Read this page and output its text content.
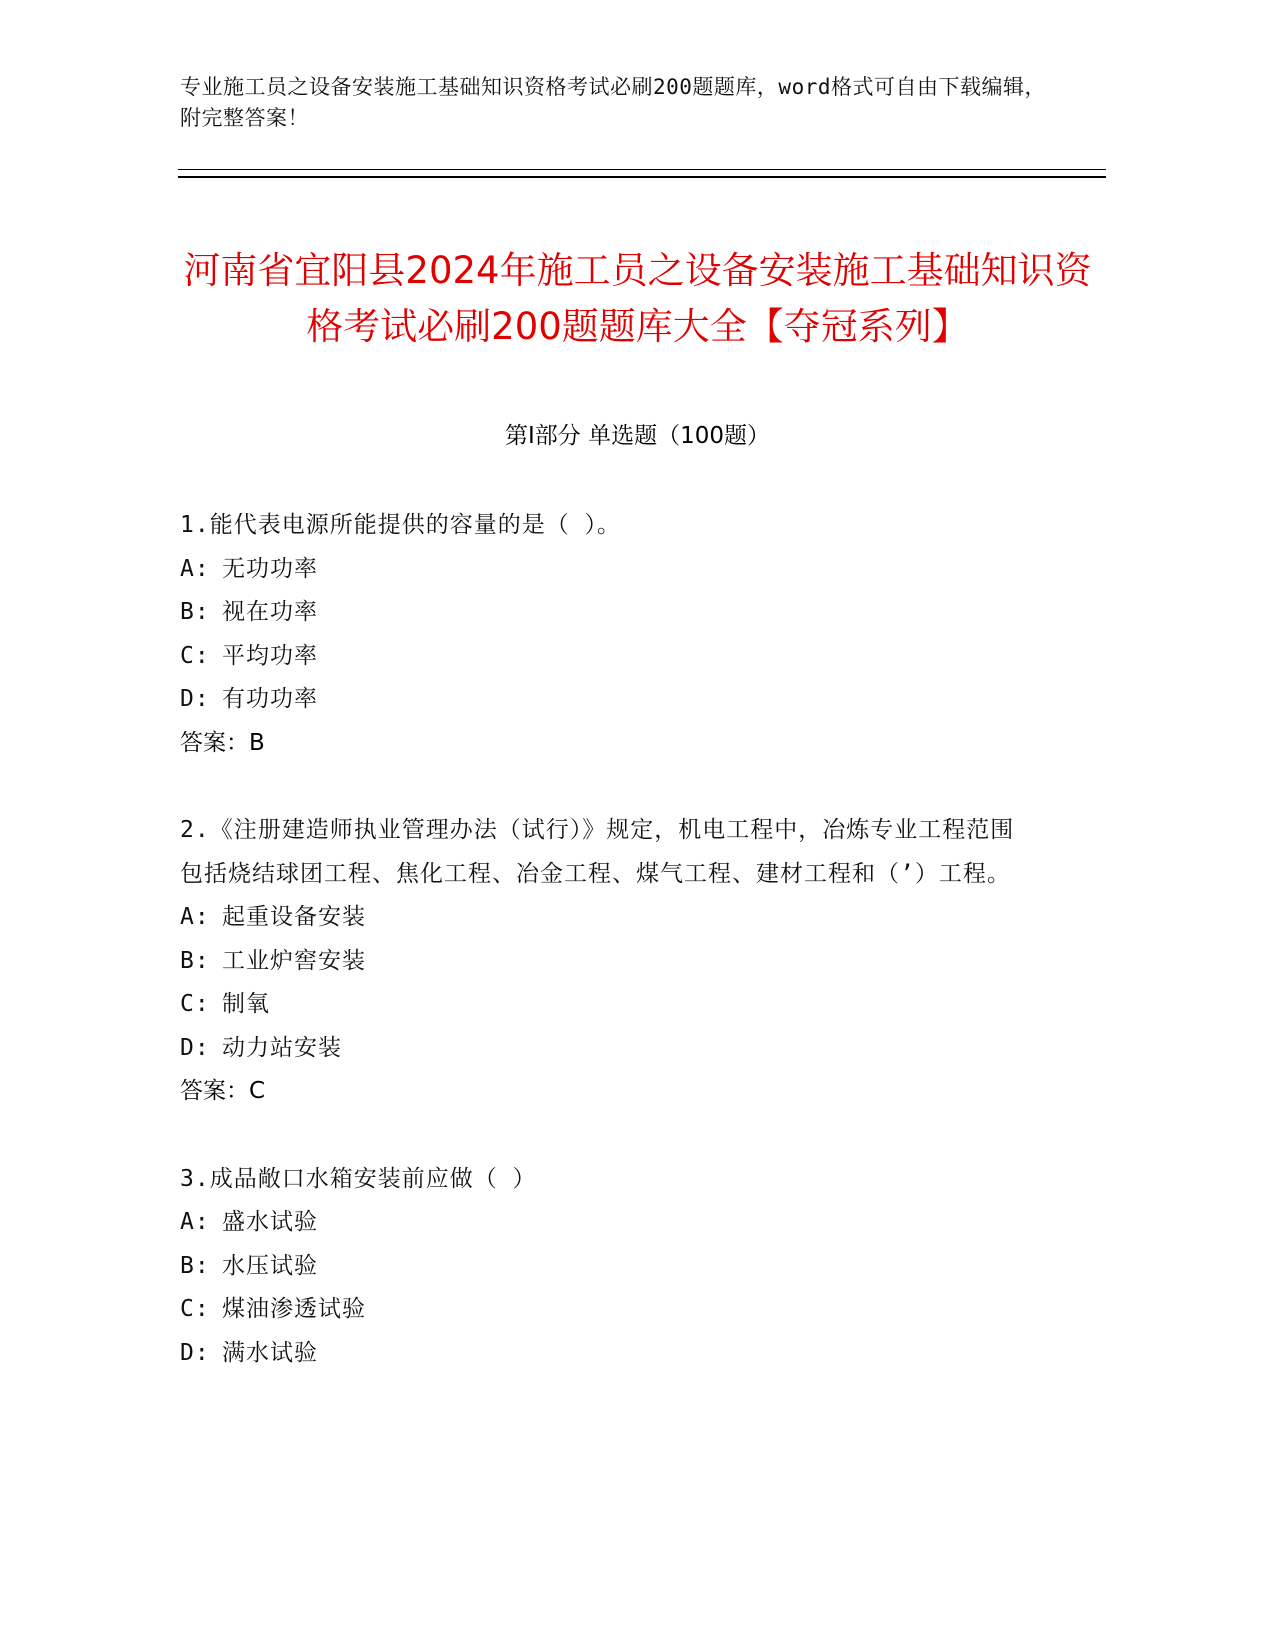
专业施工员之设备安装施工基础知识资格考试必刷200题题库，word格式可自由下载编辑，附完整答案！
河南省宜阳县2024年施工员之设备安装施工基础知识资格考试必刷200题题库大全【夺冠系列】
第Ⅰ部分 单选题（100题）

1.能代表电源所能提供的容量的是（ ）。

A: 无功功率
B: 视在功率
C: 平均功率
D: 有功功率
答案：B

2.《注册建造师执业管理办法（试行）》规定，机电工程中，冶炼专业工程范围包括烧结球团工程、焦化工程、冶金工程、煤气工程、建材工程和（’）工程。

A: 起重设备安装
B: 工业炉窖安装
C: 制氧
D: 动力站安装
答案：C

3.成品敞口水箱安装前应做（ ）

A: 盛水试验
B: 水压试验
C: 煤油渗透试验
D: 满水试验
